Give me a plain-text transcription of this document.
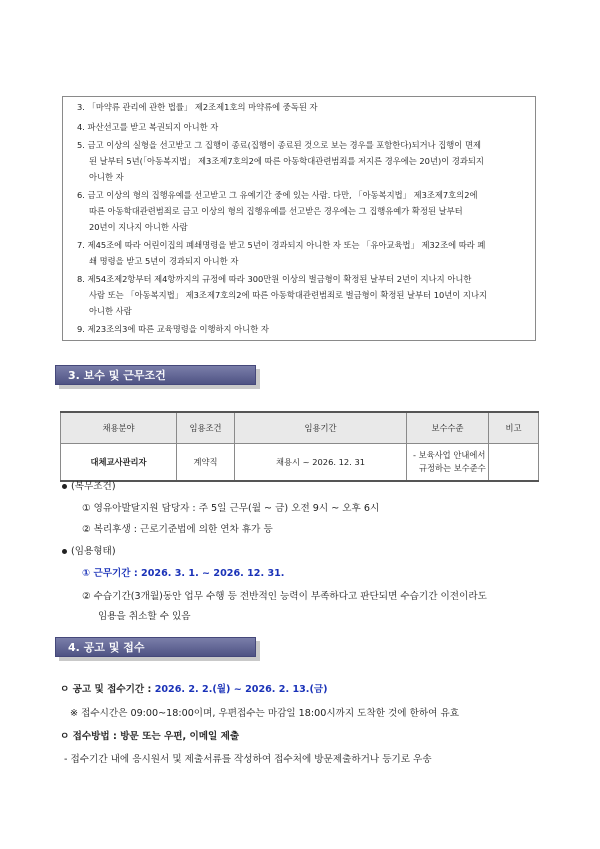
3. 「마약류 관리에 관한 법률」 제2조제1호의 마약류에 중독된 자
4. 파산선고를 받고 복권되지 아니한 자
5. 금고 이상의 실형을 선고받고 그 집행이 종료(집행이 종료된 것으로 보는 경우를 포함한다)되거나 집행이 면제
된 날부터 5년(「아동복지법」 제3조제7호의2에 따른 아동학대관련범죄를 저지른 경우에는 20년)이 경과되지
아니한 자
6. 금고 이상의 형의 집행유예를 선고받고 그 유예기간 중에 있는 사람. 다만, 「아동복지법」 제3조제7호의2에
따른 아동학대관련범죄로 금고 이상의 형의 집행유예를 선고받은 경우에는 그 집행유예가 확정된 날부터
20년이 지나지 아니한 사람
7. 제45조에 따라 어린이집의 폐쇄명령을 받고 5년이 경과되지 아니한 자 또는 「유아교육법」 제32조에 따라 폐
쇄 명령을 받고 5년이 경과되지 아니한 자
8. 제54조제2항부터 제4항까지의 규정에 따라 300만원 이상의 벌금형이 확정된 날부터 2년이 지나지 아니한
사람 또는 「아동복지법」 제3조제7호의2에 따른 아동학대관련범죄로 벌금형이 확정된 날부터 10년이 지나지
아니한 사람
9. 제23조의3에 따른 교육명령을 이행하지 아니한 자
3. 보수 및 근무조건
채용분야	임용조건	임용기간	보수수준	비고
대체교사관리자	계약직	채용시 ~ 2026. 12. 31	- 보육사업 안내에서
규정하는 보수준수	

(복무조건)
① 영유아발달지원 담당자 : 주 5일 근무(월 ~ 금) 오전 9시 ~ 오후 6시
② 복리후생 : 근로기준법에 의한 연차 휴가 등
(임용형태)
① 근무기간 : 2026. 3. 1. ~ 2026. 12. 31.
② 수습기간(3개월)동안 업무 수행 등 전반적인 능력이 부족하다고 판단되면 수습기간 이전이라도
임용을 취소할 수 있음
4. 공고 및 접수
ㅇ 공고 및 접수기간 : 2026. 2. 2.(월) ~ 2026. 2. 13.(금)
※ 접수시간은 09:00~18:00이며, 우편접수는 마감일 18:00시까지 도착한 것에 한하여 유효
ㅇ 접수방법 : 방문 또는 우편, 이메일 제출
- 접수기간 내에 응시원서 및 제출서류를 작성하여 접수처에 방문제출하거나 등기로 우송
